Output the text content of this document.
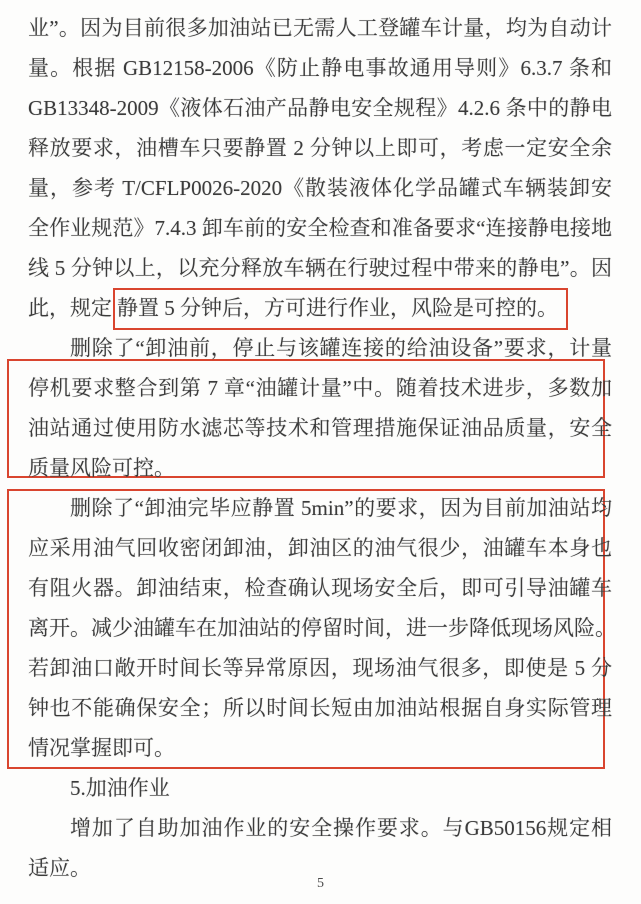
业”。因为目前很多加油站已无需人工登罐车计量，均为自动计
量。根据 GB12158-2006《防止静电事故通用导则》6.3.7 条和
GB13348-2009《液体石油产品静电安全规程》4.2.6 条中的静电
释放要求，油槽车只要静置 2 分钟以上即可，考虑一定安全余
量，参考 T/CFLP0026-2020《散装液体化学品罐式车辆装卸安
全作业规范》7.4.3 卸车前的安全检查和准备要求“连接静电接地
线 5 分钟以上，以充分释放车辆在行驶过程中带来的静电”。因
此，规定 静置 5 分钟后，方可进行作业，风险是可控的。
删除了“卸油前，停止与该罐连接的给油设备”要求，计量
停机要求整合到第 7 章“油罐计量”中。随着技术进步，多数加
油站通过使用防水滤芯等技术和管理措施保证油品质量，安全
质量风险可控。
删除了“卸油完毕应静置 5min”的要求，因为目前加油站均
应采用油气回收密闭卸油，卸油区的油气很少，油罐车本身也
有阻火器。卸油结束，检查确认现场安全后，即可引导油罐车
离开。减少油罐车在加油站的停留时间，进一步降低现场风险。
若卸油口敞开时间长等异常原因，现场油气很多，即使是 5 分
钟也不能确保安全；所以时间长短由加油站根据自身实际管理
情况掌握即可。
5.加油作业
增加了自助加油作业的安全操作要求。与GB50156规定相
适应。
5
